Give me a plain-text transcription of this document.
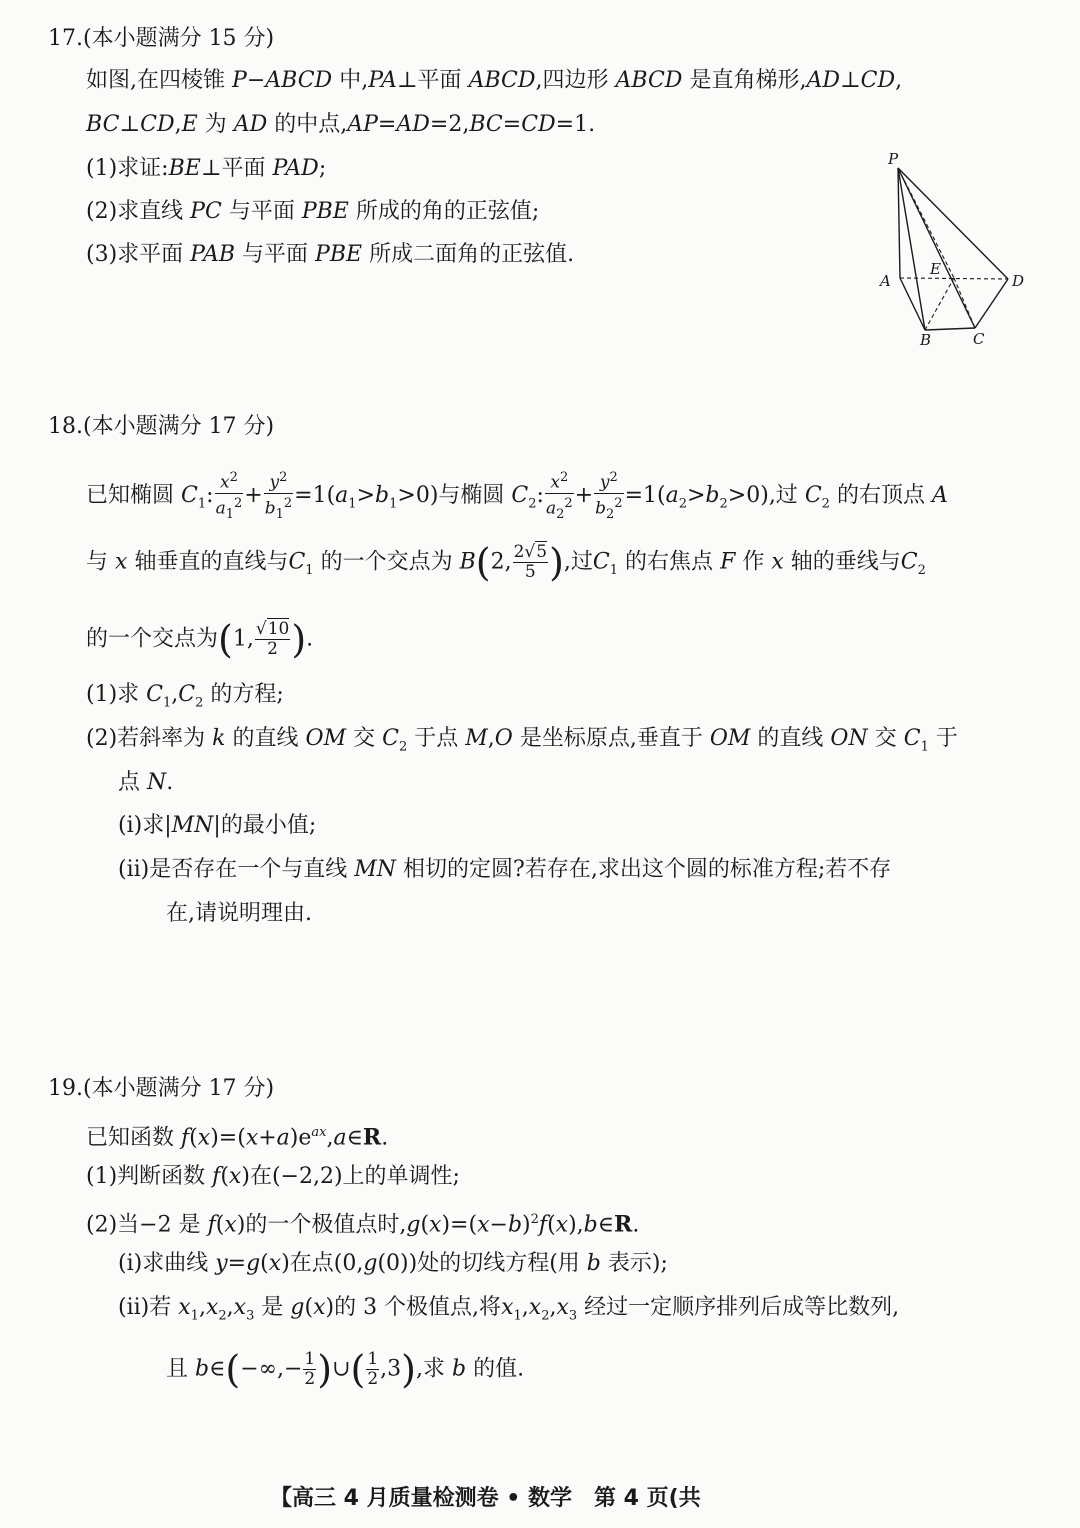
17.(本小题满分 15 分)
如图,在四棱锥 P−ABCD 中,PA⊥平面 ABCD,四边形 ABCD 是直角梯形,AD⊥CD,
BC⊥CD,E 为 AD 的中点,AP=AD=2,BC=CD=1.
(1)求证:BE⊥平面 PAD;
(2)求直线 PC 与平面 PBE 所成的角的正弦值;
(3)求平面 PAB 与平面 PBE 所成二面角的正弦值.
P
A
E
D
B	C
18.(本小题满分 17 分)
已知椭圆 $C_1$: $\frac{x^2}{a_1^2} + \frac{y^2}{b_1^2} =1(a_1>b_1>0)$与椭圆 $C_2$: $\frac{x^2}{a_2^2} + \frac{y^2}{b_2^2} =1(a_2>b_2>0)$,过 $C_2$ 的右顶点 A
与 x 轴垂直的直线与$C_1$ 的一个交点为 B(2, $\frac{2√5}{5}$ ),过$C_1$ 的右焦点 F 作 x 轴的垂线与$C_2$
的一个交点为(1, $\frac{√10}{2}$ ).
(1)求 $C_1,C_2$ 的方程;
(2)若斜率为 k 的直线 OM 交 $C_2$ 于点 M,O 是坐标原点,垂直于 OM 的直线 ON 交 $C_1$ 于
点 N.
(ⅰ)求|MN|的最小值;
(ⅱ)是否存在一个与直线 MN 相切的定圆?若存在,求出这个圆的标准方程;若不存
在,请说明理由.
19.(本小题满分 17 分)
已知函数 $f(x)=(x+a)e^{ax},a\in R$.
(1)判断函数 f(x)在(−2,2)上的单调性;
(2)当−2 是 f(x)的一个极值点时$,g(x)=(x-b)^2f(x),b\in R$.
(ⅰ)求曲线 y=g(x)在点(0,g(0))处的切线方程(用 b 表示);
(ⅱ)若 $x_1,x_2,x_3$ 是 g(x)的 3 个极值点,将$x_1,x_2,x_3$ 经过一定顺序排列后成等比数列,
且 b∈(−∞,− $\frac{1}{2}$ )∪( $\frac{1}{2} ,3$),求 b 的值.
【高三 4 月质量检测卷 • 数学　第 4 页(共
